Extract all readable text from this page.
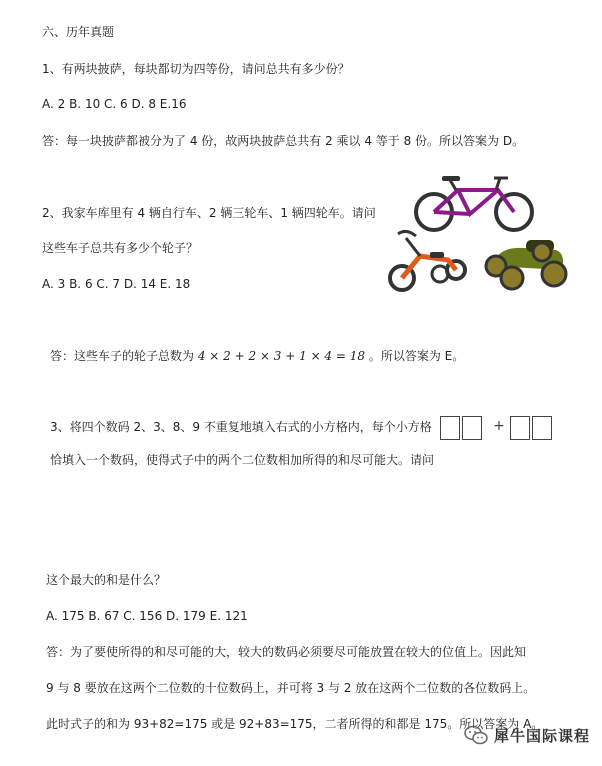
六、历年真题
1、有两块披萨，每块都切为四等份，请问总共有多少份？
A. 2 B. 10 C. 6 D. 8 E.16
答：每一块披萨都被分为了 4 份，故两块披萨总共有 2 乘以 4 等于 8 份。所以答案为 D。
2、我家车库里有 4 辆自行车、2 辆三轮车、1 辆四轮车。请问
这些车子总共有多少个轮子？
A. 3 B. 6 C. 7 D. 14 E. 18
答：这些车子的轮子总数为 4 × 2 + 2 × 3 + 1 × 4 = 18 。所以答案为 E。
3、将四个数码 2、3、8、9 不重复地填入右式的小方格内，每个小方格
恰填入一个数码，使得式子中的两个二位数相加所得的和尽可能大。请问
+
这个最大的和是什么？
A. 175 B. 67 C. 156 D. 179 E. 121
答：为了要使所得的和尽可能的大，较大的数码必须要尽可能放置在较大的位值上。因此知
9 与 8 要放在这两个二位数的十位数码上，并可将 3 与 2 放在这两个二位数的各位数码上。
此时式子的和为 93+82=175 或是 92+83=175，二者所得的和都是 175。所以答案为 A。
犀牛国际课程
